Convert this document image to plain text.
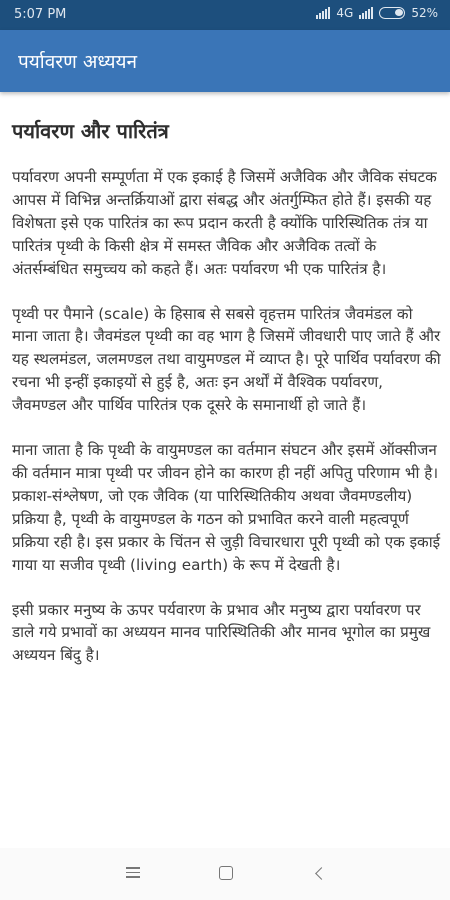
5:07 PM	4G	52%
पर्यावरण अध्ययन
पर्यावरण और पारितंत्र

पर्यावरण अपनी सम्पूर्णता में एक इकाई है जिसमें अजैविक और जैविक संघटक आपस में विभिन्न अन्तर्क्रियाओं द्वारा संबद्ध और अंतर्गुम्फित होते हैं। इसकी यह विशेषता इसे एक पारितंत्र का रूप प्रदान करती है क्योंकि पारिस्थितिक तंत्र या पारितंत्र पृथ्वी के किसी क्षेत्र में समस्त जैविक और अजैविक तत्वों के अंतर्सम्बंधित समुच्चय को कहते हैं। अतः पर्यावरण भी एक पारितंत्र है।

पृथ्वी पर पैमाने (scale) के हिसाब से सबसे वृहत्तम पारितंत्र जैवमंडल को माना जाता है। जैवमंडल पृथ्वी का वह भाग है जिसमें जीवधारी पाए जाते हैं और यह स्थलमंडल, जलमण्डल तथा वायुमण्डल में व्याप्त है। पूरे पार्थिव पर्यावरण की रचना भी इन्हीं इकाइयों से हुई है, अतः इन अर्थों में वैश्विक पर्यावरण, जैवमण्डल और पार्थिव पारितंत्र एक दूसरे के समानार्थी हो जाते हैं।

माना जाता है कि पृथ्वी के वायुमण्डल का वर्तमान संघटन और इसमें ऑक्सीजन की वर्तमान मात्रा पृथ्वी पर जीवन होने का कारण ही नहीं अपितु परिणाम भी है। प्रकाश-संश्लेषण, जो एक जैविक (या पारिस्थितिकीय अथवा जैवमण्डलीय) प्रक्रिया है, पृथ्वी के वायुमण्डल के गठन को प्रभावित करने वाली महत्वपूर्ण प्रक्रिया रही है। इस प्रकार के चिंतन से जुड़ी विचारधारा पूरी पृथ्वी को एक इकाई गाया या सजीव पृथ्वी (living earth) के रूप में देखती है।

इसी प्रकार मनुष्य के ऊपर पर्यवारण के प्रभाव और मनुष्य द्वारा पर्यावरण पर डाले गये प्रभावों का अध्ययन मानव पारिस्थितिकी और मानव भूगोल का प्रमुख अध्ययन बिंदु है।
